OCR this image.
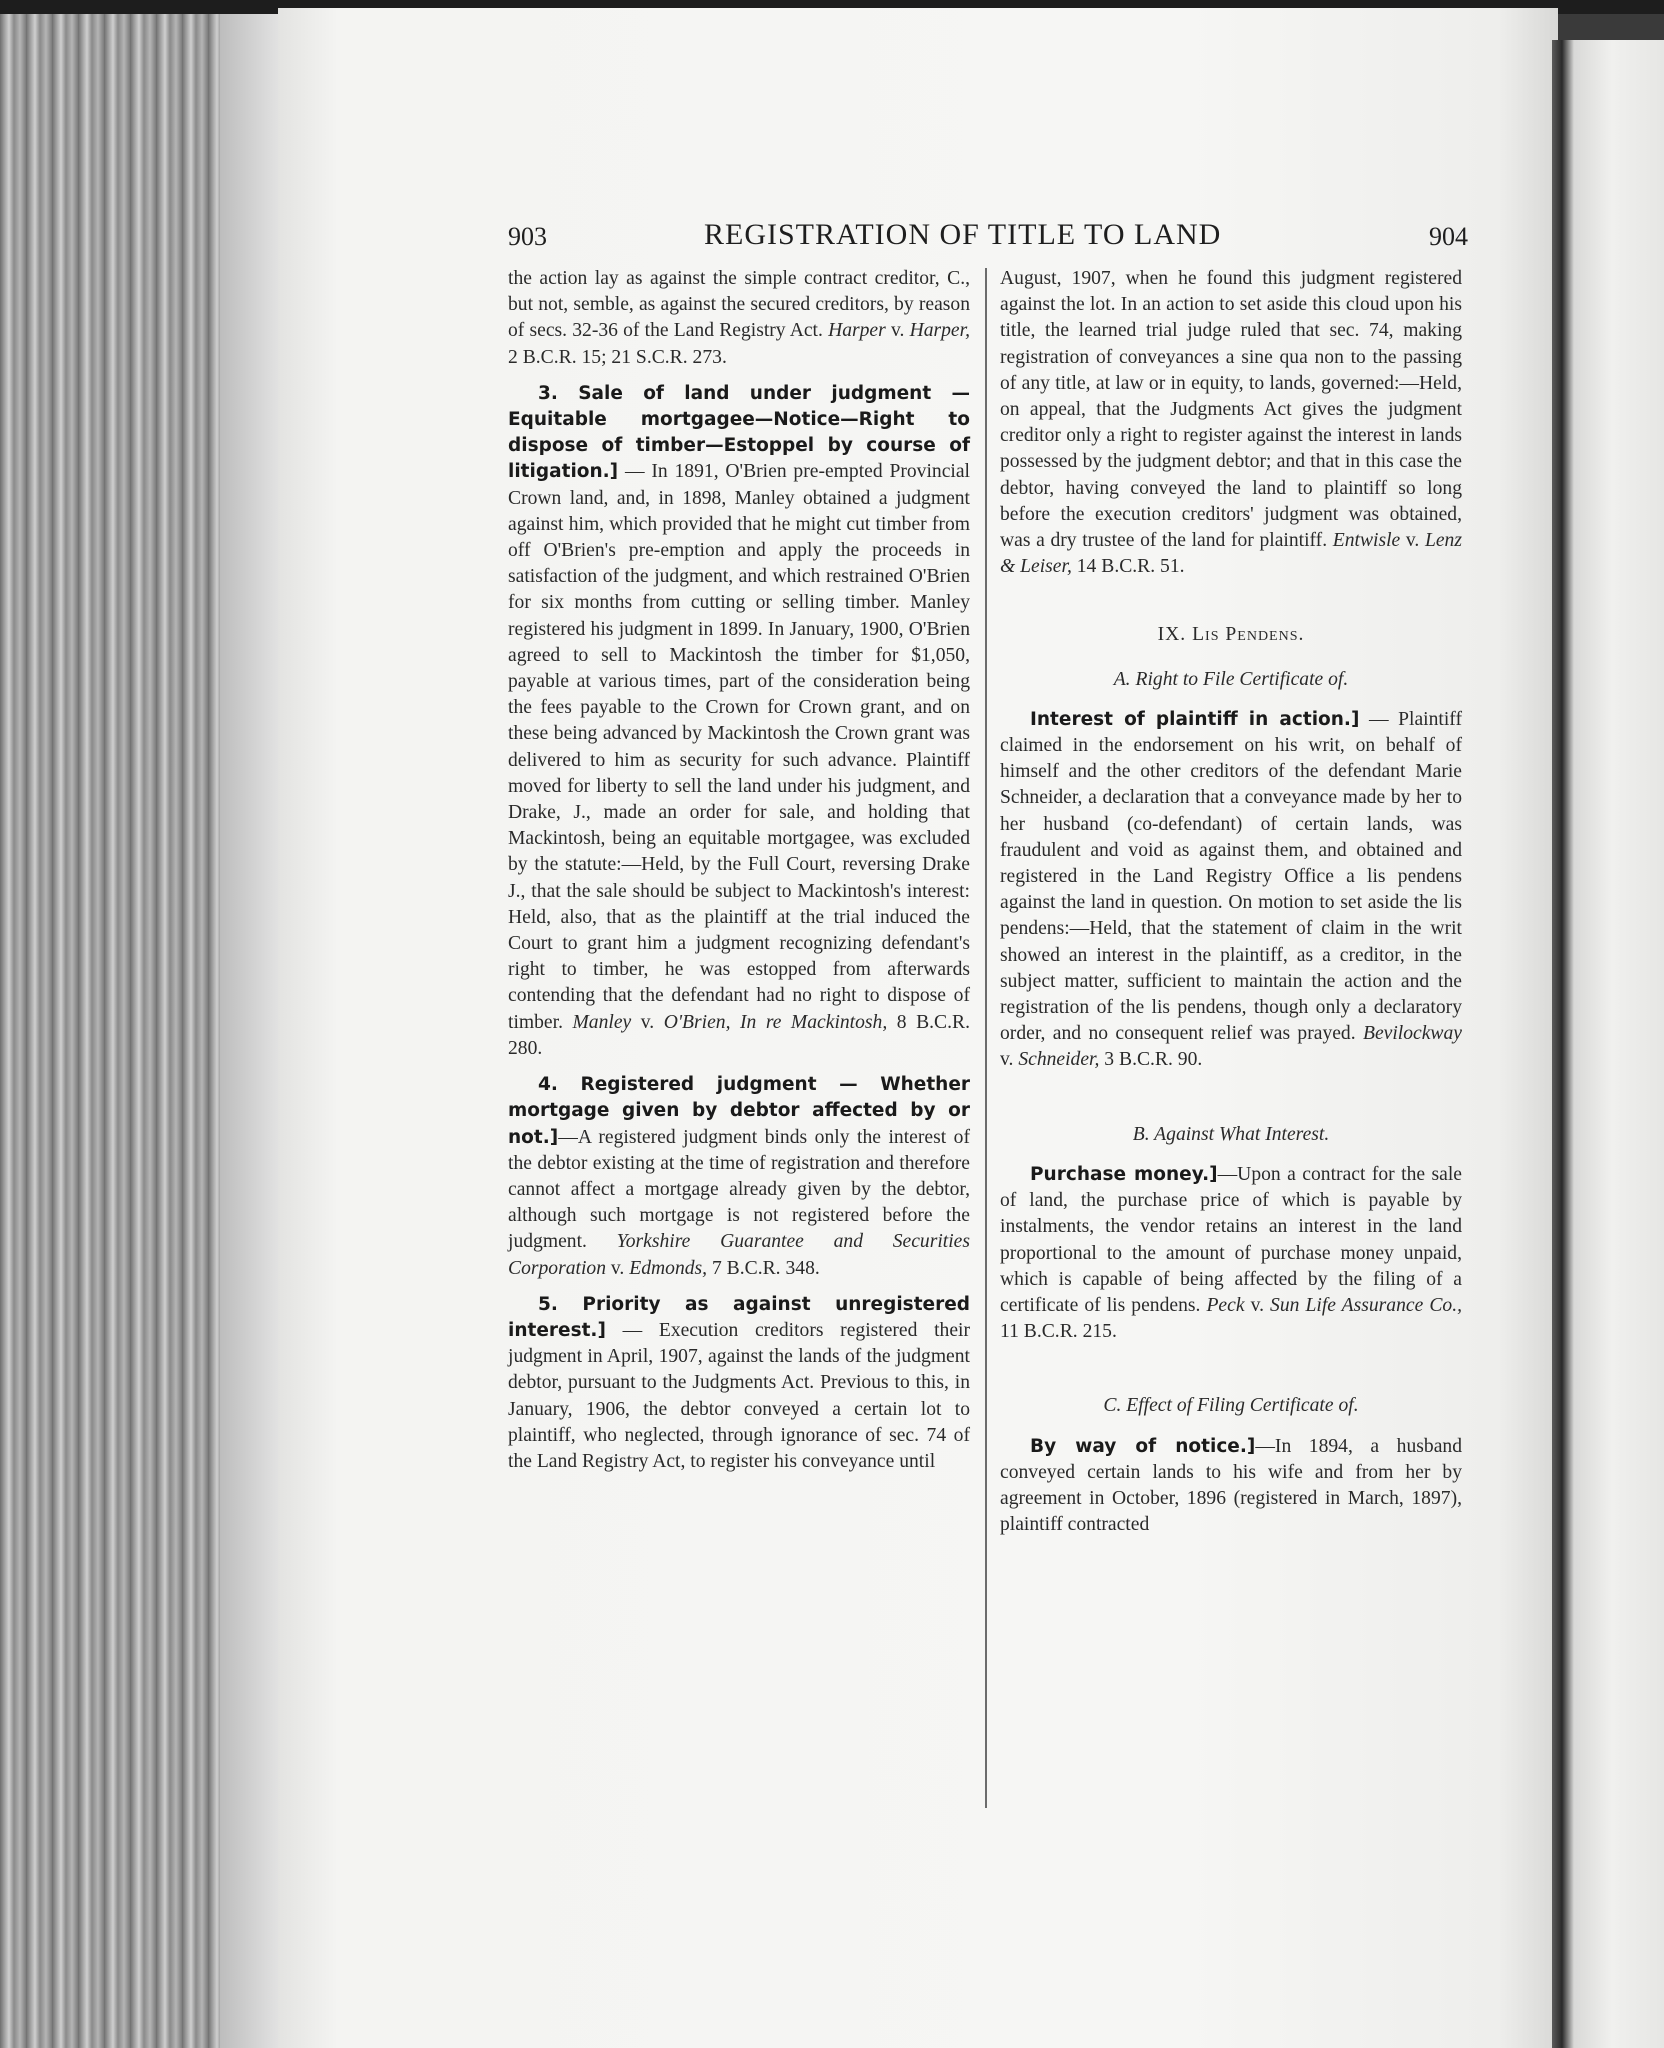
903	REGISTRATION OF TITLE TO LAND	904

the action lay as against the simple contract creditor, C., but not, semble, as against the secured creditors, by reason of secs. 32-36 of the Land Registry Act. Harper v. Harper, 2 B.C.R. 15; 21 S.C.R. 273.

3. Sale of land under judgment — Equitable mortgagee—Notice—Right to dispose of timber—Estoppel by course of litigation.] — In 1891, O'Brien pre-empted Provincial Crown land, and, in 1898, Manley obtained a judgment against him, which provided that he might cut timber from off O'Brien's pre-emption and apply the proceeds in satisfaction of the judgment, and which restrained O'Brien for six months from cutting or selling timber. Manley registered his judgment in 1899. In January, 1900, O'Brien agreed to sell to Mackintosh the timber for $1,050, payable at various times, part of the consideration being the fees payable to the Crown for Crown grant, and on these being advanced by Mackintosh the Crown grant was delivered to him as security for such advance. Plaintiff moved for liberty to sell the land under his judgment, and Drake, J., made an order for sale, and holding that Mackintosh, being an equitable mortgagee, was excluded by the statute:—Held, by the Full Court, reversing Drake J., that the sale should be subject to Mackintosh's interest: Held, also, that as the plaintiff at the trial induced the Court to grant him a judgment recognizing defendant's right to timber, he was estopped from afterwards contending that the defendant had no right to dispose of timber. Manley v. O'Brien, In re Mackintosh, 8 B.C.R. 280.

4. Registered judgment — Whether mortgage given by debtor affected by or not.]—A registered judgment binds only the interest of the debtor existing at the time of registration and therefore cannot affect a mortgage already given by the debtor, although such mortgage is not registered before the judgment. Yorkshire Guarantee and Securities Corporation v. Edmonds, 7 B.C.R. 348.

5. Priority as against unregistered interest.] — Execution creditors registered their judgment in April, 1907, against the lands of the judgment debtor, pursuant to the Judgments Act. Previous to this, in January, 1906, the debtor conveyed a certain lot to plaintiff, who neglected, through ignorance of sec. 74 of the Land Registry Act, to register his conveyance until

August, 1907, when he found this judgment registered against the lot. In an action to set aside this cloud upon his title, the learned trial judge ruled that sec. 74, making registration of conveyances a sine qua non to the passing of any title, at law or in equity, to lands, governed:—Held, on appeal, that the Judgments Act gives the judgment creditor only a right to register against the interest in lands possessed by the judgment debtor; and that in this case the debtor, having conveyed the land to plaintiff so long before the execution creditors' judgment was obtained, was a dry trustee of the land for plaintiff. Entwisle v. Lenz & Leiser, 14 B.C.R. 51.

IX. Lis Pendens.
A. Right to File Certificate of.

Interest of plaintiff in action.] — Plaintiff claimed in the endorsement on his writ, on behalf of himself and the other creditors of the defendant Marie Schneider, a declaration that a conveyance made by her to her husband (co-defendant) of certain lands, was fraudulent and void as against them, and obtained and registered in the Land Registry Office a lis pendens against the land in question. On motion to set aside the lis pendens:—Held, that the statement of claim in the writ showed an interest in the plaintiff, as a creditor, in the subject matter, sufficient to maintain the action and the registration of the lis pendens, though only a declaratory order, and no consequent relief was prayed. Bevilockway v. Schneider, 3 B.C.R. 90.

B. Against What Interest.

Purchase money.]—Upon a contract for the sale of land, the purchase price of which is payable by instalments, the vendor retains an interest in the land proportional to the amount of purchase money unpaid, which is capable of being affected by the filing of a certificate of lis pendens. Peck v. Sun Life Assurance Co., 11 B.C.R. 215.

C. Effect of Filing Certificate of.

By way of notice.]—In 1894, a husband conveyed certain lands to his wife and from her by agreement in October, 1896 (registered in March, 1897), plaintiff contracted
